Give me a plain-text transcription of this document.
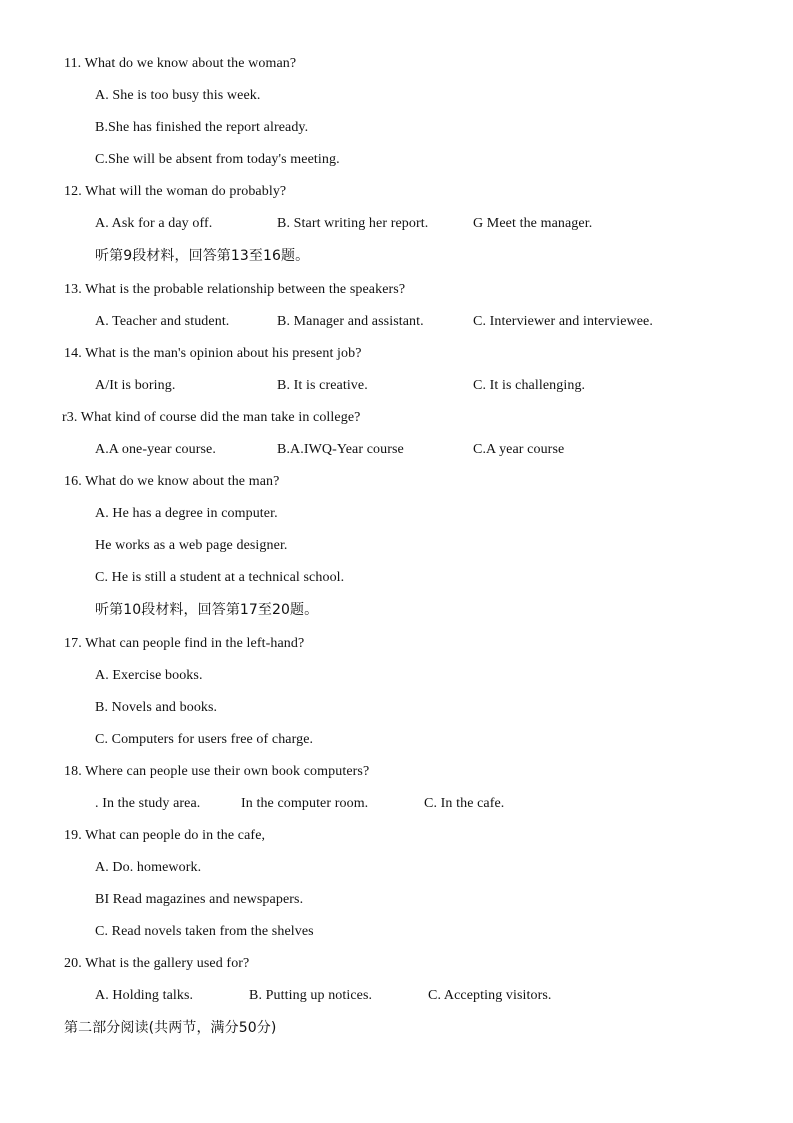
11. What do we know about the woman?
A. She is too busy this week.
B.She has finished the report already.
C.She will be absent from today's meeting.
12. What will the woman do probably?
A. Ask for a day off.	B. Start writing her report.	G Meet the manager.
听第9段材料，回答第13至16题。
13. What is the probable relationship between the speakers?
A. Teacher and student.	B. Manager and assistant.	C. Interviewer and interviewee.
14. What is the man's opinion about his present job?
A/It is boring.	B. It is creative.	C. It is challenging.
r3. What kind of course did the man take in college?
A.A one-year course.	B.A.IWQ-Year course	C.A year course
16. What do we know about the man?
A. He has a degree in computer.
He works as a web page designer.
C. He is still a student at a technical school.
听第10段材料，回答第17至20题。
17. What can people find in the left-hand?
A. Exercise books.
B. Novels and books.
C. Computers for users free of charge.
18. Where can people use their own book computers?
. In the study area.	In the computer room.	C. In the cafe.
19. What can people do in the cafe,
A. Do. homework.
BI Read magazines and newspapers.
C. Read novels taken from the shelves
20. What is the gallery used for?
A. Holding talks.	B. Putting up notices.	C. Accepting visitors.
第二部分阅读(共两节，满分50分)
